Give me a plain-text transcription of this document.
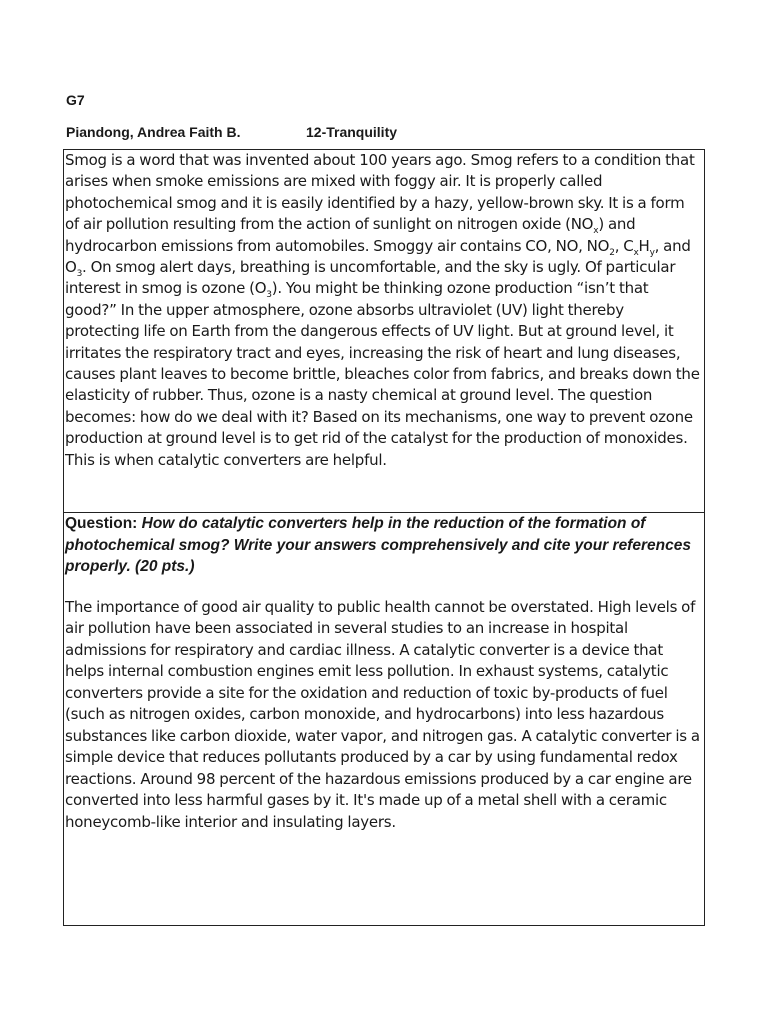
G7

Piandong, Andrea Faith B.	12-Tranquility

Smog is a word that was invented about 100 years ago. Smog refers to a condition that arises when smoke emissions are mixed with foggy air. It is properly called photochemical smog and it is easily identified by a hazy, yellow-brown sky. It is a form of air pollution resulting from the action of sunlight on nitrogen oxide $(NO_x)$ and hydrocarbon emissions from automobiles. Smoggy air contains CO, NO, $NO_2$, $C_xH_y$, and $O_3$. On smog alert days, breathing is uncomfortable, and the sky is ugly. Of particular interest in smog is ozone $(O_3)$. You might be thinking ozone production “isn’t that good?” In the upper atmosphere, ozone absorbs ultraviolet (UV) light thereby protecting life on Earth from the dangerous effects of UV light. But at ground level, it irritates the respiratory tract and eyes, increasing the risk of heart and lung diseases, causes plant leaves to become brittle, bleaches color from fabrics, and breaks down the elasticity of rubber. Thus, ozone is a nasty chemical at ground level. The question becomes: how do we deal with it? Based on its mechanisms, one way to prevent ozone production at ground level is to get rid of the catalyst for the production of monoxides. This is when catalytic converters are helpful.

Question: How do catalytic converters help in the reduction of the formation of photochemical smog? Write your answers comprehensively and cite your references properly. (20 pts.)

The importance of good air quality to public health cannot be overstated. High levels of air pollution have been associated in several studies to an increase in hospital admissions for respiratory and cardiac illness. A catalytic converter is a device that helps internal combustion engines emit less pollution. In exhaust systems, catalytic converters provide a site for the oxidation and reduction of toxic by-products of fuel (such as nitrogen oxides, carbon monoxide, and hydrocarbons) into less hazardous substances like carbon dioxide, water vapor, and nitrogen gas. A catalytic converter is a simple device that reduces pollutants produced by a car by using fundamental redox reactions. Around 98 percent of the hazardous emissions produced by a car engine are converted into less harmful gases by it. It's made up of a metal shell with a ceramic honeycomb-like interior and insulating layers.
